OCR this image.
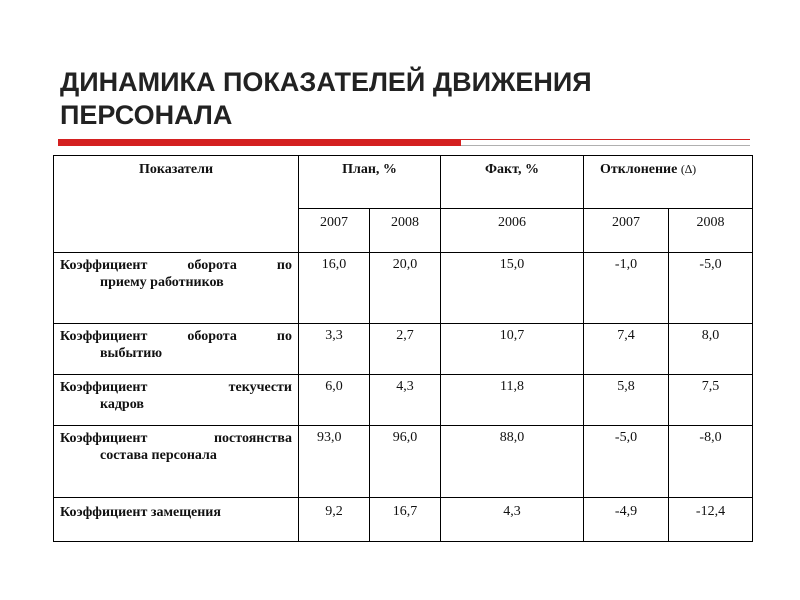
ДИНАМИКА ПОКАЗАТЕЛЕЙ ДВИЖЕНИЯ ПЕРСОНАЛА
Показатели	План, %		Факт, %	Отклонение (∆)	
	2007	2008	2006	2007	2008

Коэффициент оборота по
приему работников	16,0	20,0	15,0	-1,0	-5,0

Коэффициент оборота по
выбытию	3,3	2,7	10,7	7,4	8,0

Коэффициент текучести
кадров	6,0	4,3	11,8	5,8	7,5

Коэффициент постоянства
состава персонала	93,0	96,0	88,0	-5,0	-8,0
Коэффициент замещения	9,2	16,7	4,3	-4,9	-12,4
